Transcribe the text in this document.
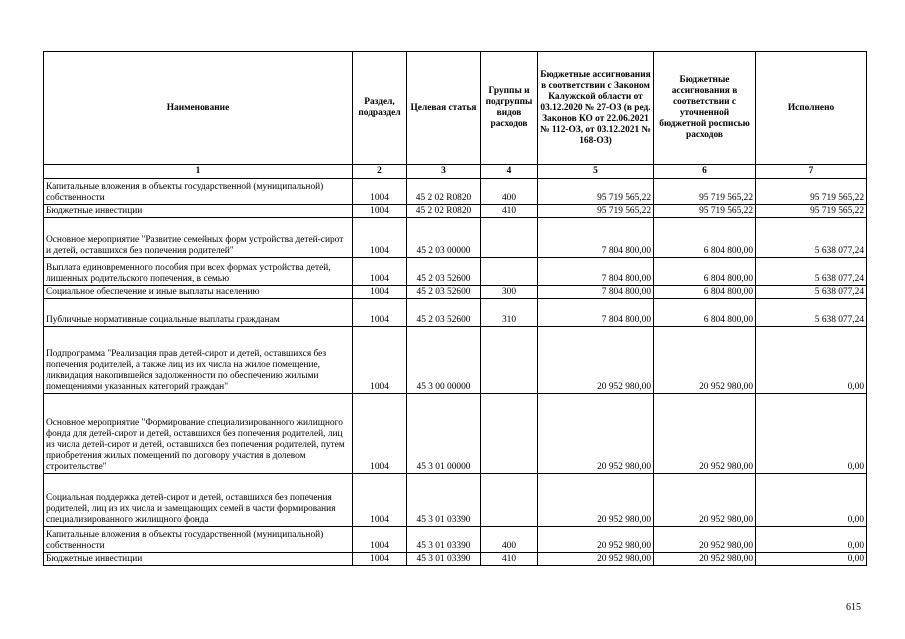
Наименование	Раздел, подраздел	Целевая статья	Группы и подгруппы видов расходов	Бюджетные ассигнования в соответствии с Законом Калужской области от 03.12.2020 № 27-ОЗ (в ред. Законов КО от 22.06.2021 № 112-ОЗ, от 03.12.2021 № 168-ОЗ)	Бюджетные ассигнования в соответствии с уточненной бюджетной росписью расходов	Исполнено
1	2	3	4	5	6	7
Капитальные вложения в объекты государственной (муниципальной) собственности	1004	45 2 02 R0820	400	95 719 565,22	95 719 565,22	95 719 565,22
Бюджетные инвестиции	1004	45 2 02 R0820	410	95 719 565,22	95 719 565,22	95 719 565,22
Основное мероприятие "Развитие семейных форм устройства детей-сирот и детей, оставшихся без попечения родителей"	1004	45 2 03 00000		7 804 800,00	6 804 800,00	5 638 077,24
Выплата единовременного пособия при всех формах устройства детей, лишенных родительского попечения, в семью	1004	45 2 03 52600		7 804 800,00	6 804 800,00	5 638 077,24
Социальное обеспечение и иные выплаты населению	1004	45 2 03 52600	300	7 804 800,00	6 804 800,00	5 638 077,24
Публичные нормативные социальные выплаты гражданам	1004	45 2 03 52600	310	7 804 800,00	6 804 800,00	5 638 077,24
Подпрограмма "Реализация прав детей-сирот и детей, оставшихся без попечения родителей, а также лиц из их числа на жилое помещение, ликвидация накопившейся задолженности по обеспечению жилыми помещениями указанных категорий граждан"	1004	45 3 00 00000		20 952 980,00	20 952 980,00	0,00
Основное мероприятие "Формирование специализированного жилищного фонда для детей-сирот и детей, оставшихся без попечения родителей, лиц из числа детей-сирот и детей, оставшихся без попечения родителей, путем приобретения жилых помещений по договору участия в долевом строительстве"	1004	45 3 01 00000		20 952 980,00	20 952 980,00	0,00
Социальная поддержка детей-сирот и детей, оставшихся без попечения родителей, лиц из их числа и замещающих семей в части формирования специализированного жилищного фонда	1004	45 3 01 03390		20 952 980,00	20 952 980,00	0,00
Капитальные вложения в объекты государственной (муниципальной) собственности	1004	45 3 01 03390	400	20 952 980,00	20 952 980,00	0,00
Бюджетные инвестиции	1004	45 3 01 03390	410	20 952 980,00	20 952 980,00	0,00
615
